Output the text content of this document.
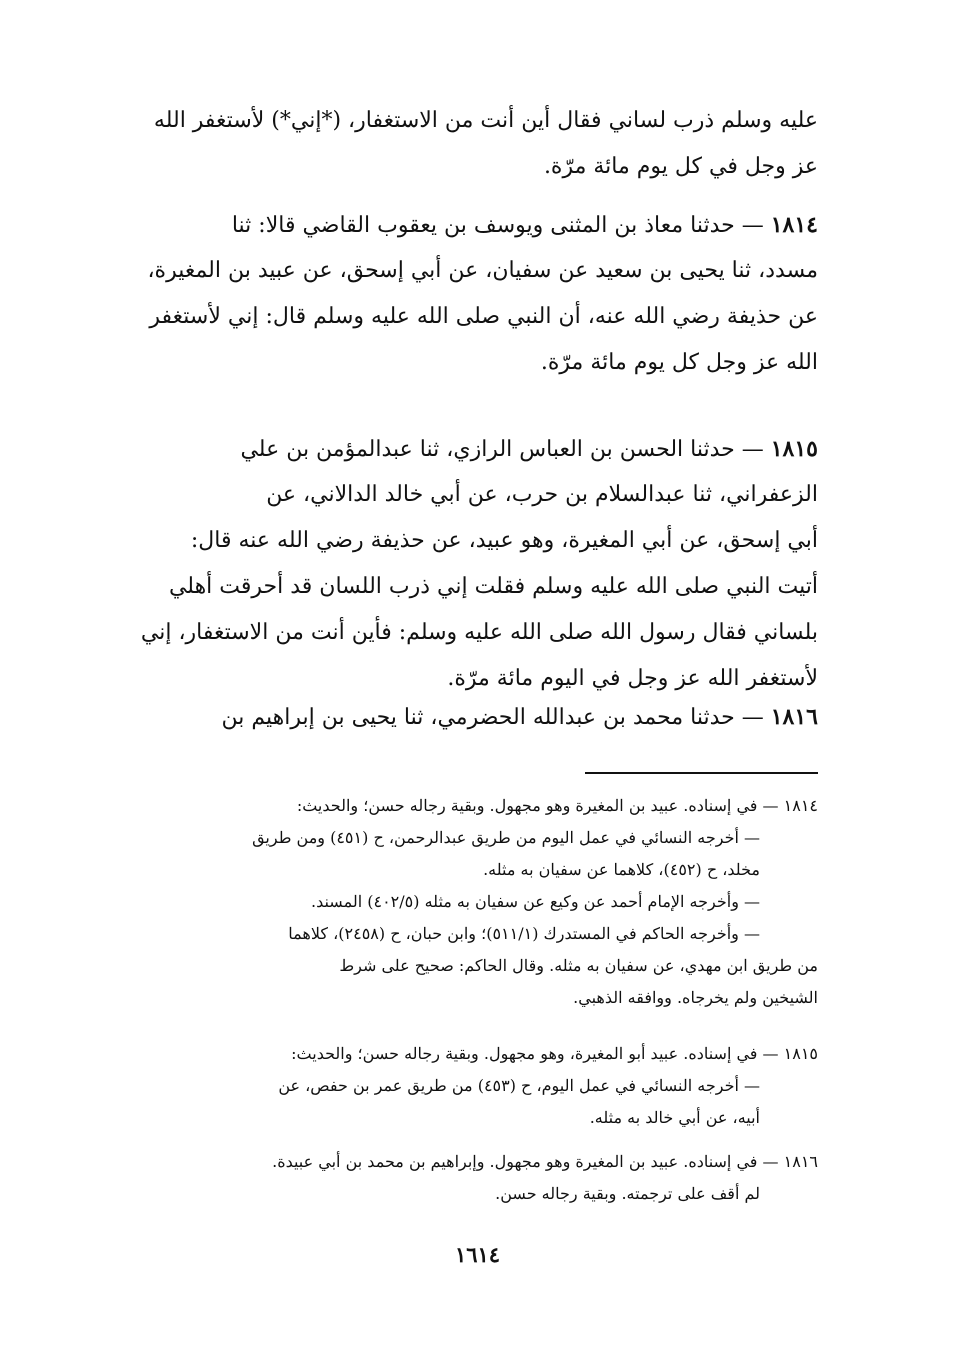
عليه وسلم ذرب لساني فقال أين أنت من الاستغفار، (*إني*) لأستغفر الله
عز وجل في كل يوم مائة مرّة.
١٨١٤ — حدثنا معاذ بن المثنى ويوسف بن يعقوب القاضي قالا: ثنا
مسدد، ثنا يحيى بن سعيد عن سفيان، عن أبي إسحق، عن عبيد بن المغيرة،
عن حذيفة رضي الله عنه، أن النبي صلى الله عليه وسلم قال: إني لأستغفر
الله عز وجل كل يوم مائة مرّة.
١٨١٥ — حدثنا الحسن بن العباس الرازي، ثنا عبدالمؤمن بن علي
الزعفراني، ثنا عبدالسلام بن حرب، عن أبي خالد الدالاني، عن
أبي إسحق، عن أبي المغيرة، وهو عبيد، عن حذيفة رضي الله عنه قال:
أتيت النبي صلى الله عليه وسلم فقلت إني ذرب اللسان قد أحرقت أهلي
بلساني فقال رسول الله صلى الله عليه وسلم: فأين أنت من الاستغفار، إني
لأستغفر الله عز وجل في اليوم مائة مرّة.
١٨١٦ — حدثنا محمد بن عبدالله الحضرمي، ثنا يحيى بن إبراهيم بن
١٨١٤ — في إسناده. عبيد بن المغيرة وهو مجهول. وبقية رجاله حسن؛ والحديث:
— أخرجه النسائي في عمل اليوم من طريق عبدالرحمن، ح (٤٥١) ومن طريق
مخلد، ح (٤٥٢)، كلاهما عن سفيان به مثله.
— وأخرجه الإمام أحمد عن وكيع عن سفيان به مثله (٤٠٢/٥) المسند.
— وأخرجه الحاكم في المستدرك (٥١١/١)؛ وابن حبان، ح (٢٤٥٨)، كلاهما
من طريق ابن مهدي، عن سفيان به مثله. وقال الحاكم: صحيح على شرط
الشيخين ولم يخرجاه. ووافقه الذهبي.
١٨١٥ — في إسناده. عبيد أبو المغيرة، وهو مجهول. وبقية رجاله حسن؛ والحديث:
— أخرجه النسائي في عمل اليوم، ح (٤٥٣) من طريق عمر بن حفص، عن
أبيه، عن أبي خالد به مثله.
١٨١٦ — في إسناده. عبيد بن المغيرة وهو مجهول. وإبراهيم بن محمد بن أبي عبيدة.
لم أقف على ترجمته. وبقية رجاله حسن.
١٦١٤
